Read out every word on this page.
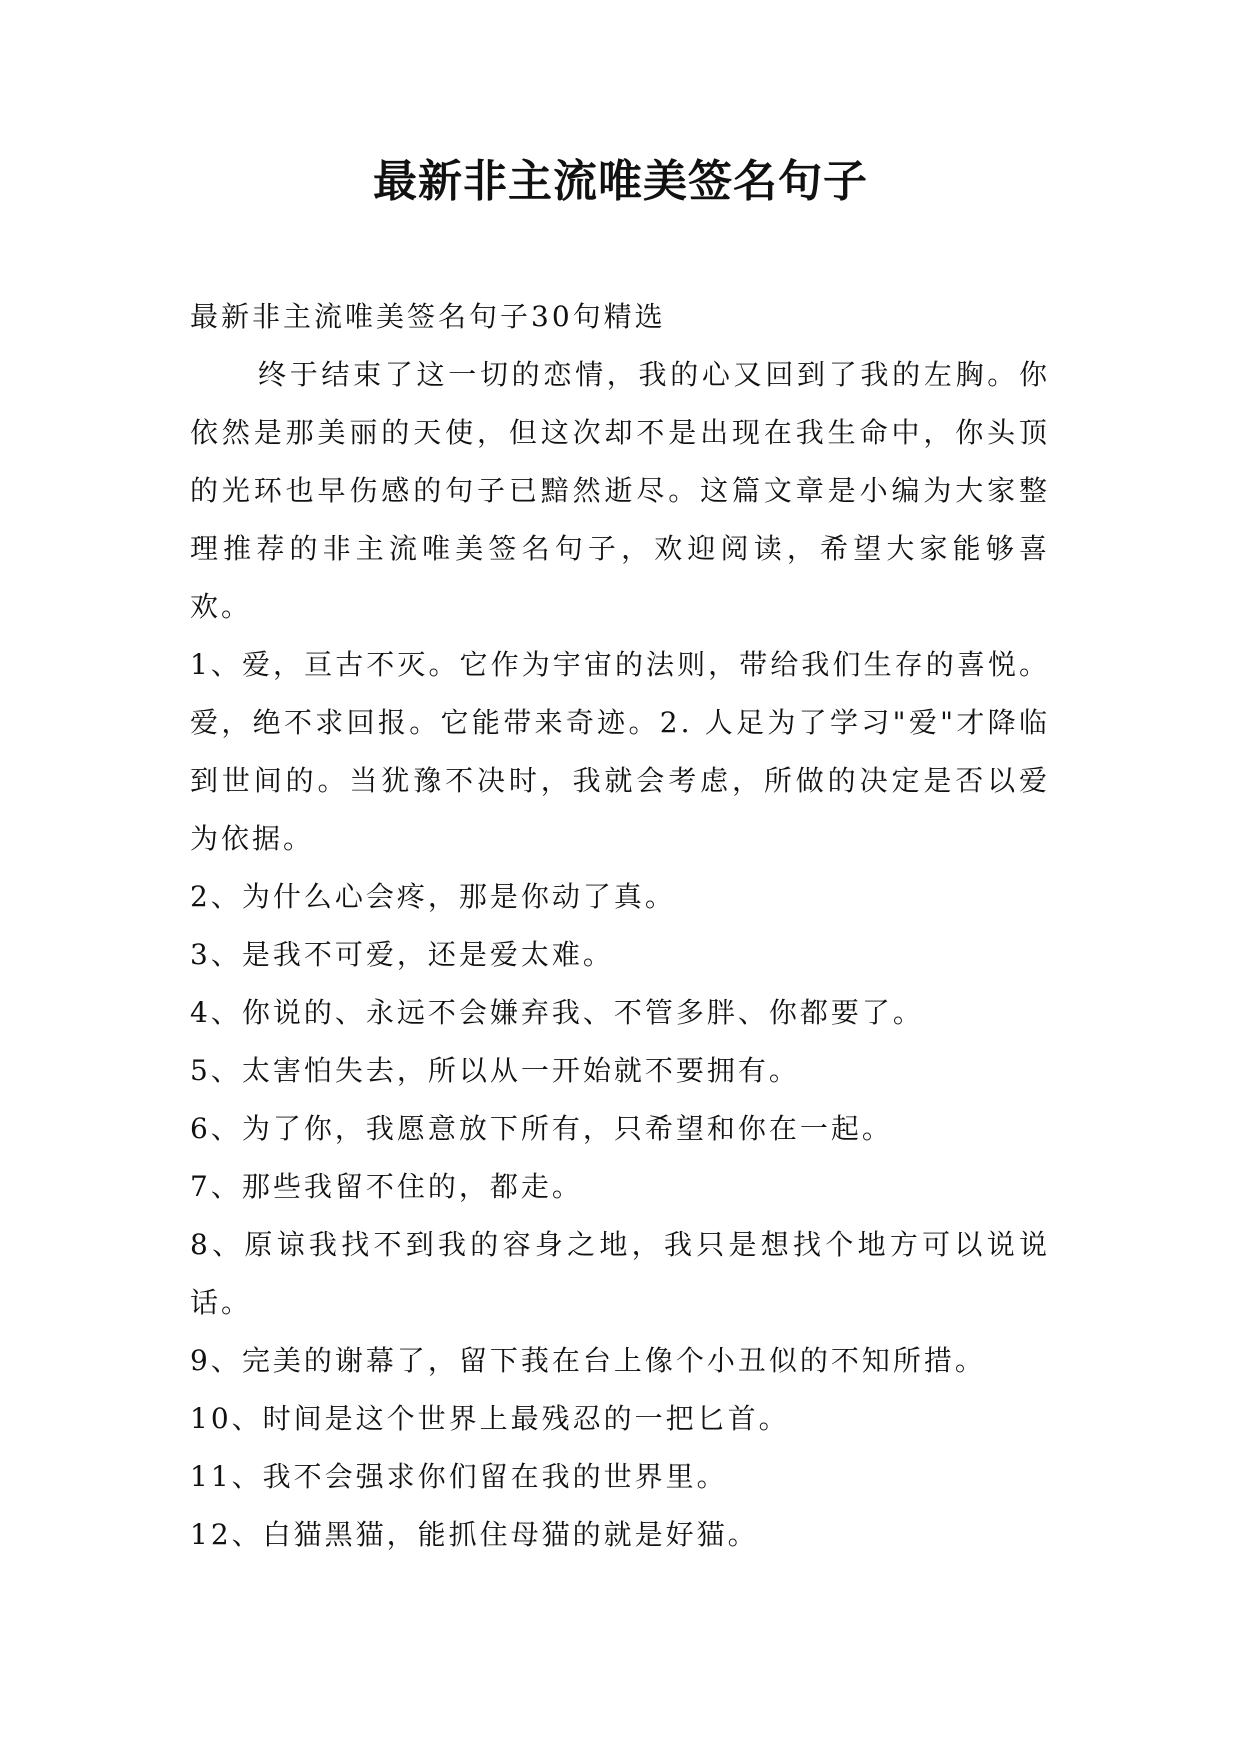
最新非主流唯美签名句子

最新非主流唯美签名句子30句精选

终于结束了这一切的恋情，我的心又回到了我的左胸。你依然是那美丽的天使，但这次却不是出现在我生命中，你头顶的光环也早伤感的句子已黯然逝尽。这篇文章是小编为大家整理推荐的非主流唯美签名句子，欢迎阅读，希望大家能够喜欢。

1、爱，亘古不灭。它作为宇宙的法则，带给我们生存的喜悦。爱，绝不求回报。它能带来奇迹。2. 人足为了学习"爱"才降临到世间的。当犹豫不决时，我就会考虑，所做的决定是否以爱为依据。

2、为什么心会疼，那是你动了真。

3、是我不可爱，还是爱太难。

4、你说的、永远不会嫌弃我、不管多胖、你都要了。

5、太害怕失去，所以从一开始就不要拥有。

6、为了你，我愿意放下所有，只希望和你在一起。

7、那些我留不住的，都走。

8、原谅我找不到我的容身之地，我只是想找个地方可以说说话。

9、完美的谢幕了，留下莪在台上像个小丑似的不知所措。

10、时间是这个世界上最残忍的一把匕首。

11、我不会强求你们留在我的世界里。

12、白猫黑猫，能抓住母猫的就是好猫。
